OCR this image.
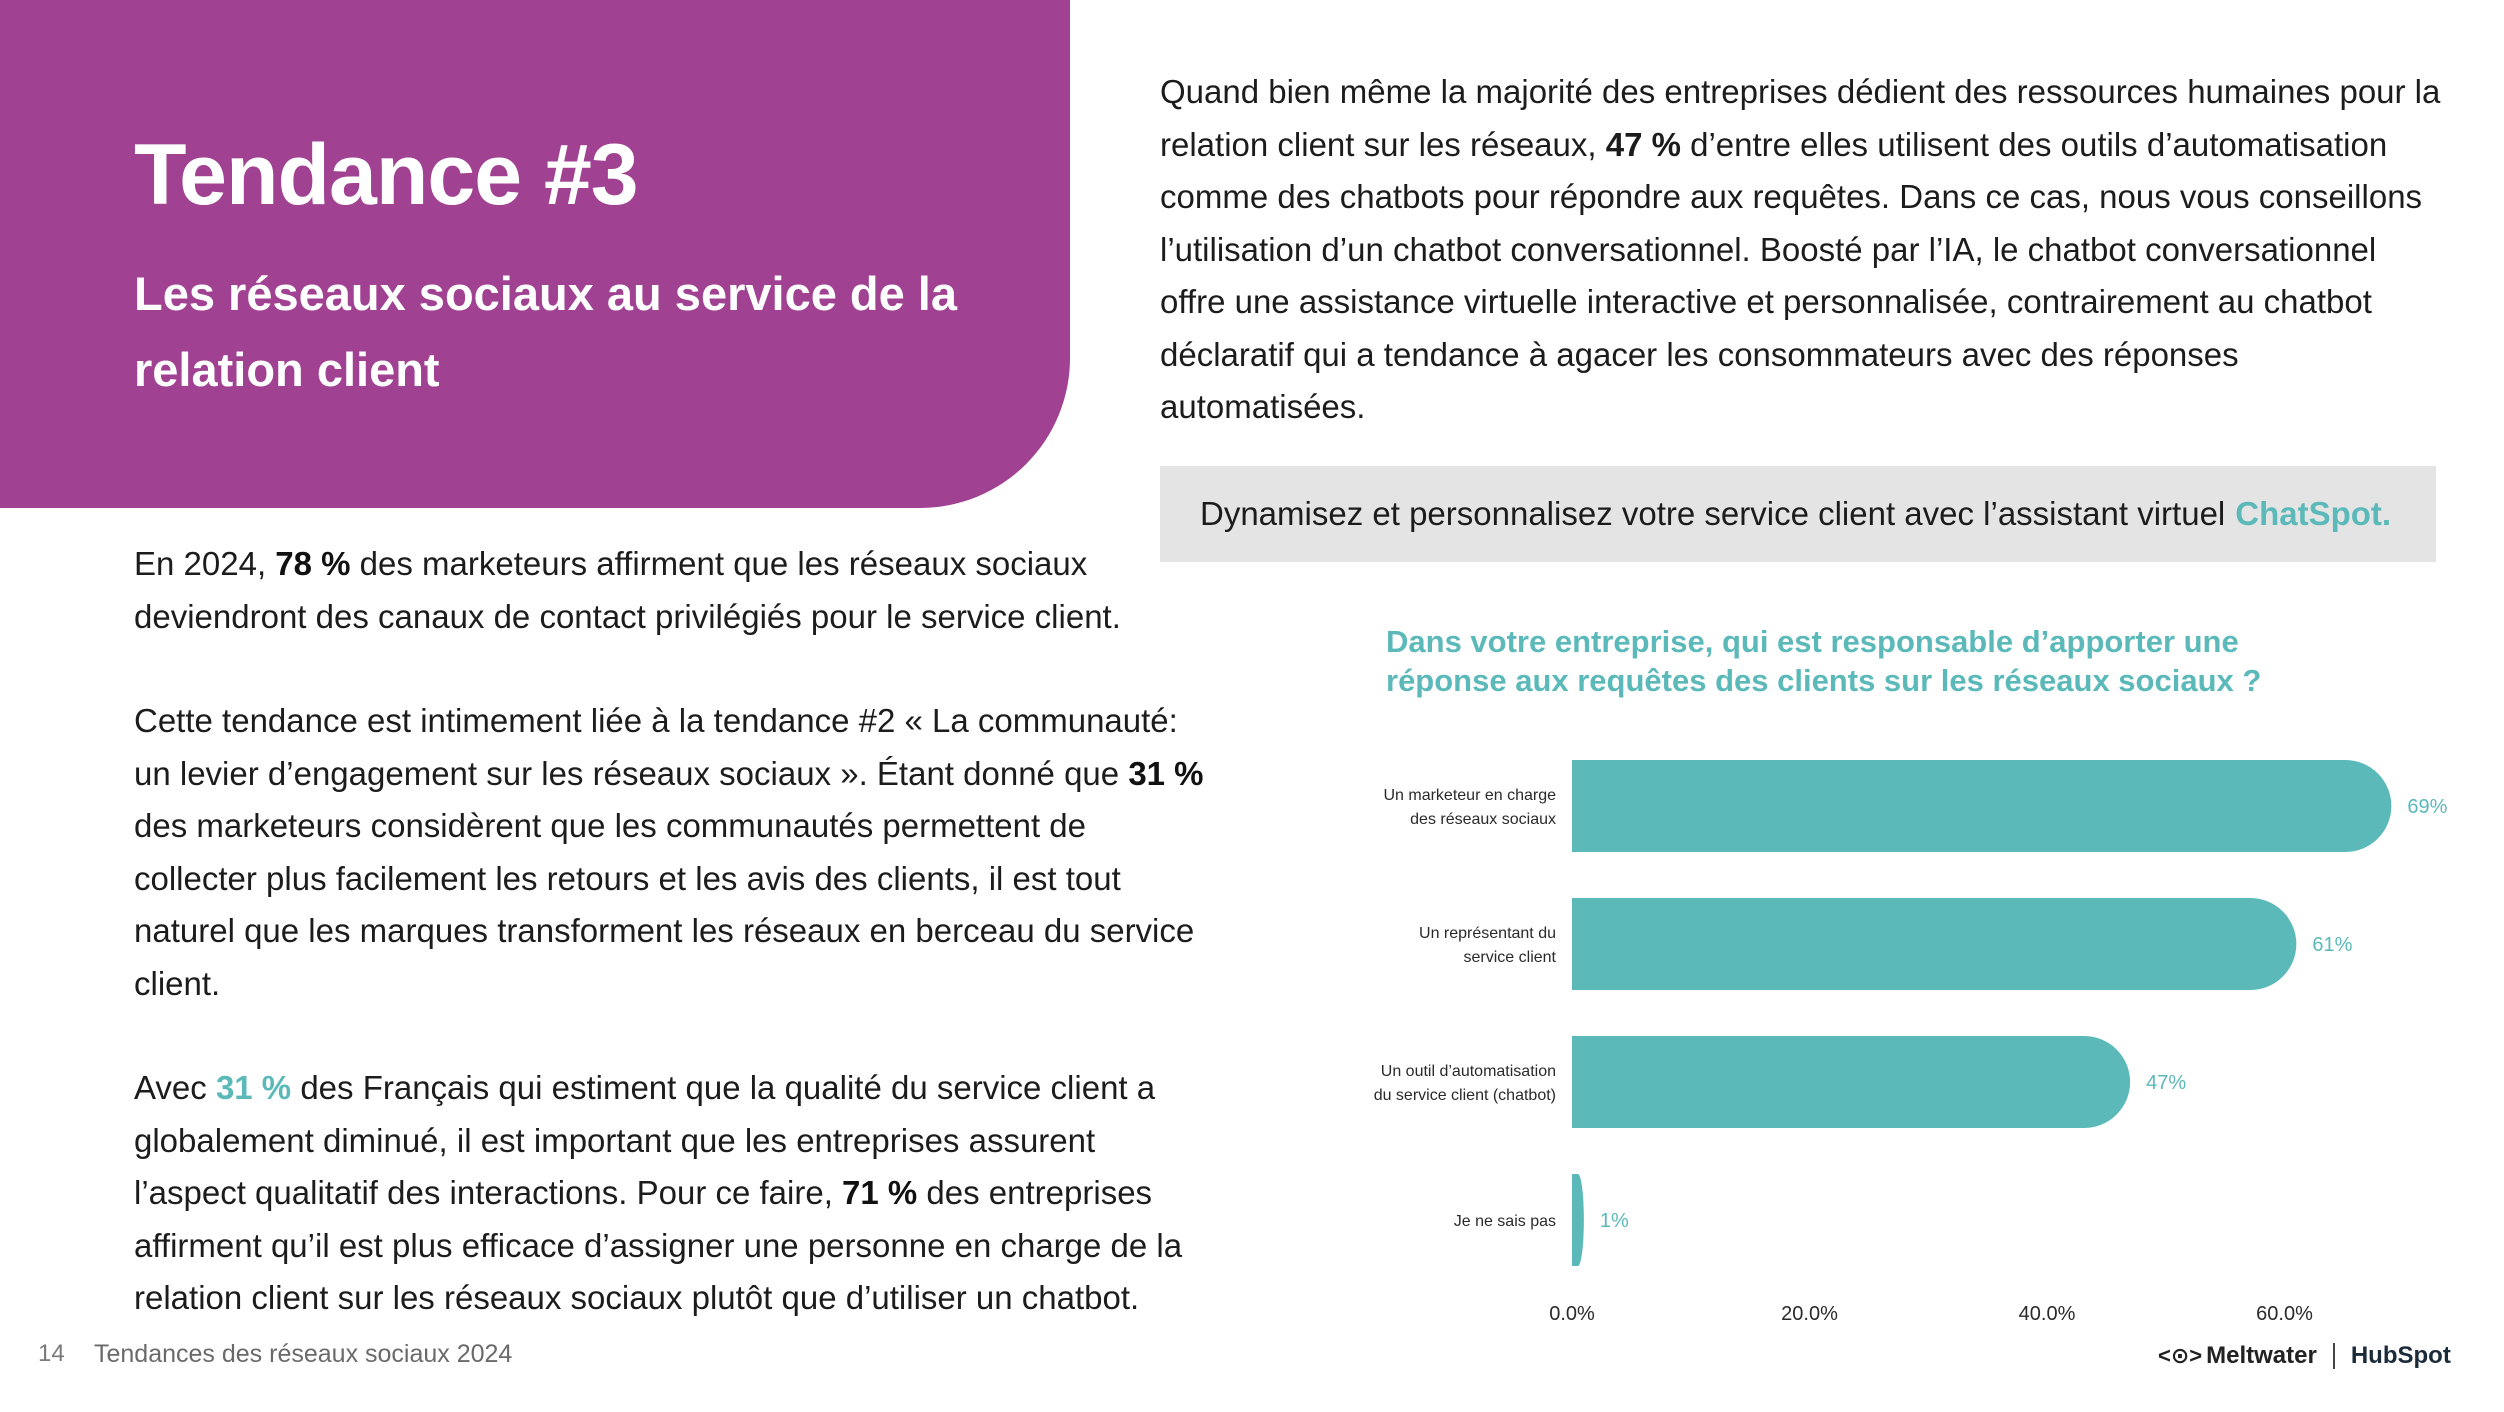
Tendance #3
Les réseaux sociaux au service de la relation client

En 2024, 78 % des marketeurs affirment que les réseaux sociaux deviendront des canaux de contact privilégiés pour le service client.

Cette tendance est intimement liée à la tendance #2 « La communauté: un levier d’engagement sur les réseaux sociaux ». Étant donné que 31 % des marketeurs considèrent que les communautés permettent de collecter plus facilement les retours et les avis des clients, il est tout naturel que les marques transforment les réseaux en berceau du service client.

Avec 31 % des Français qui estiment que la qualité du service client a globalement diminué, il est important que les entreprises assurent l’aspect qualitatif des interactions. Pour ce faire, 71 % des entreprises affirment qu’il est plus efficace d’assigner une personne en charge de la relation client sur les réseaux sociaux plutôt que d’utiliser un chatbot.

Quand bien même la majorité des entreprises dédient des ressources humaines pour la relation client sur les réseaux, 47 % d’entre elles utilisent des outils d’automatisation comme des chatbots pour répondre aux requêtes. Dans ce cas, nous vous conseillons l’utilisation d’un chatbot conversationnel. Boosté par l’IA, le chatbot conversationnel offre une assistance virtuelle interactive et personnalisée, contrairement au chatbot déclaratif qui a tendance à agacer les consommateurs avec des réponses automatisées.

Dynamisez et personnalisez votre service client avec l’assistant virtuel ChatSpot.
Dans votre entreprise, qui est responsable d’apporter une réponse aux requêtes des clients sur les réseaux sociaux ?
69%
Un marketeur en charge
des réseaux sociaux
61%
Un représentant du
service client
47%
Un outil d’automatisation
du service client (chatbot)
1%
Je ne sais pas
0.0%	20.0%	40.0%	60.0%
14 Tendances des réseaux sociaux 2024	<⊙> Meltwater HubSpot
